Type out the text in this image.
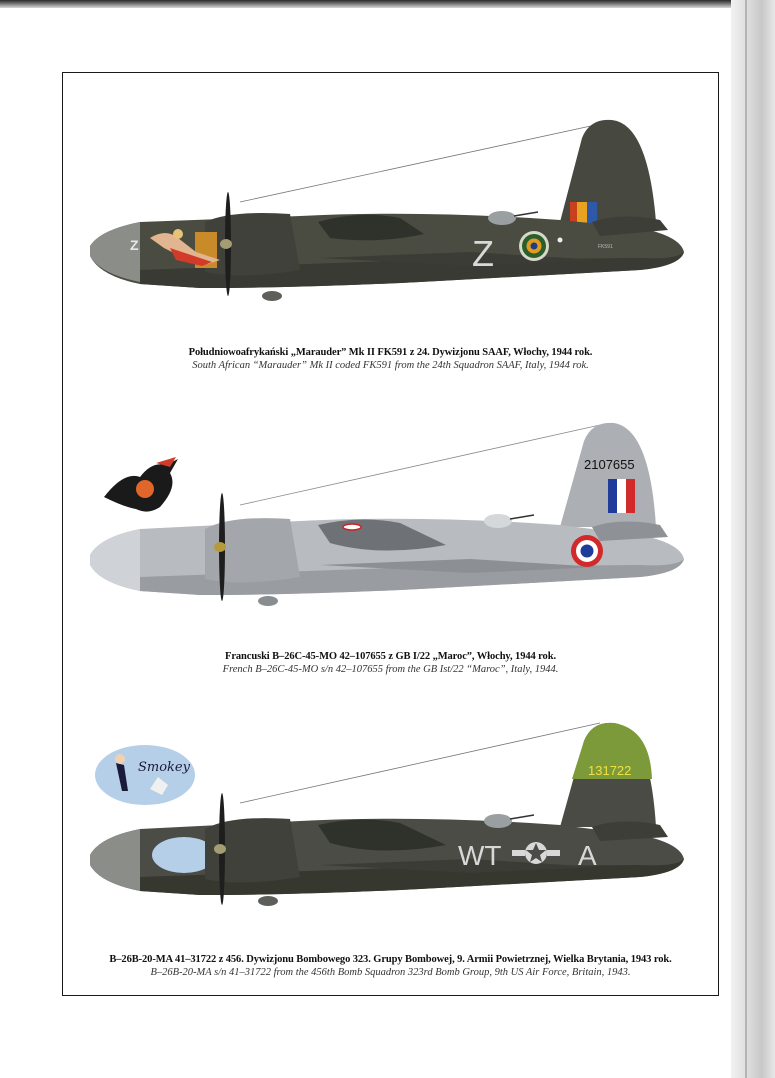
Z	Z	FK591
Południowoafrykański „Marauder” Mk II FK591 z 24. Dywizjonu SAAF, Włochy, 1944 rok.
South African “Marauder” Mk II coded FK591 from the 24th Squadron SAAF, Italy, 1944 rok.
2107655
Francuski B–26C-45-MO 42–107655 z GB I/22 „Maroc”, Włochy, 1944 rok.
French B–26C-45-MO s/n 42–107655 from the GB Ist/22 “Maroc”, Italy, 1944.
Smokey	131722
WT	A
B–26B-20-MA 41–31722 z 456. Dywizjonu Bombowego 323. Grupy Bombowej, 9. Armii Powietrznej, Wielka Brytania, 1943 rok.
B–26B-20-MA s/n 41–31722 from the 456th Bomb Squadron 323rd Bomb Group, 9th US Air Force, Britain, 1943.
